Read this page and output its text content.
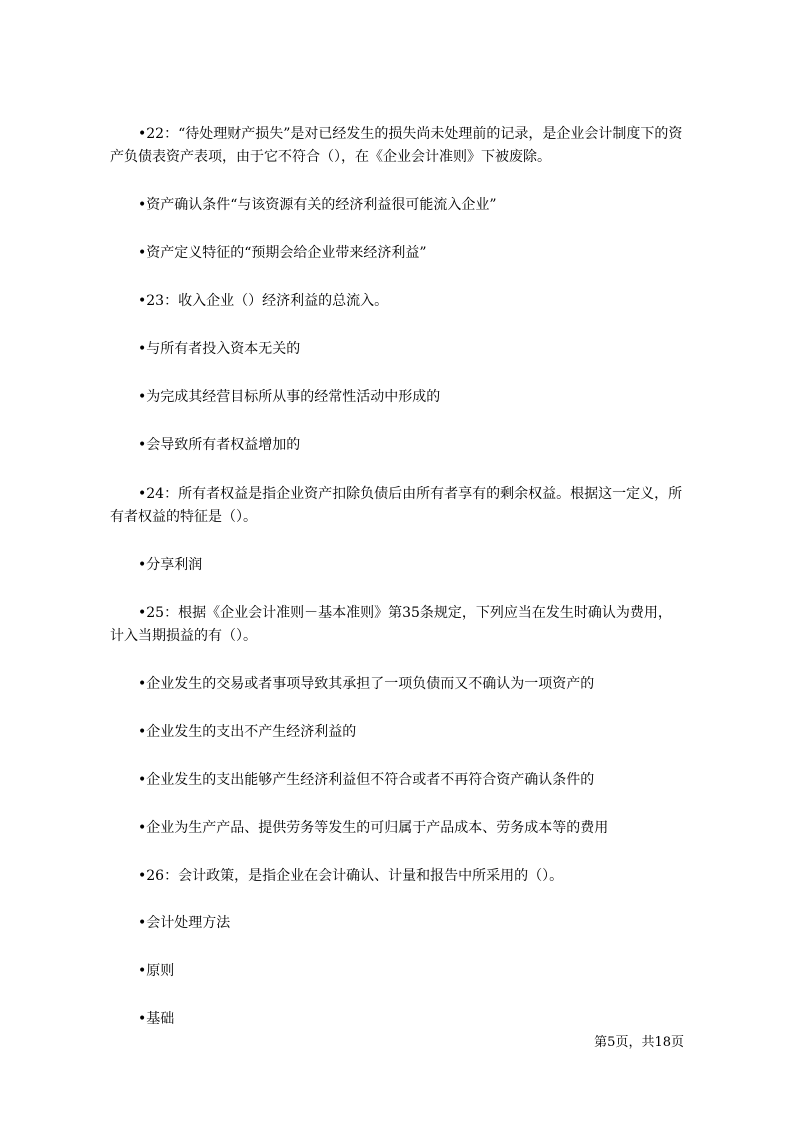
•22：“待处理财产损失”是对已经发生的损失尚未处理前的记录，是企业会计制度下的资产负债表资产表项，由于它不符合（），在《企业会计准则》下被废除。

•资产确认条件“与该资源有关的经济利益很可能流入企业”

•资产定义特征的“预期会给企业带来经济利益”

•23：收入企业（）经济利益的总流入。

•与所有者投入资本无关的

•为完成其经营目标所从事的经常性活动中形成的

•会导致所有者权益增加的

•24：所有者权益是指企业资产扣除负债后由所有者享有的剩余权益。根据这一定义，所有者权益的特征是（）。

•分享利润

•25：根据《企业会计准则－基本准则》第35条规定，下列应当在发生时确认为费用，计入当期损益的有（）。

•企业发生的交易或者事项导致其承担了一项负债而又不确认为一项资产的

•企业发生的支出不产生经济利益的

•企业发生的支出能够产生经济利益但不符合或者不再符合资产确认条件的

•企业为生产产品、提供劳务等发生的可归属于产品成本、劳务成本等的费用

•26：会计政策，是指企业在会计确认、计量和报告中所采用的（）。

•会计处理方法

•原则

•基础

第5页，共18页
